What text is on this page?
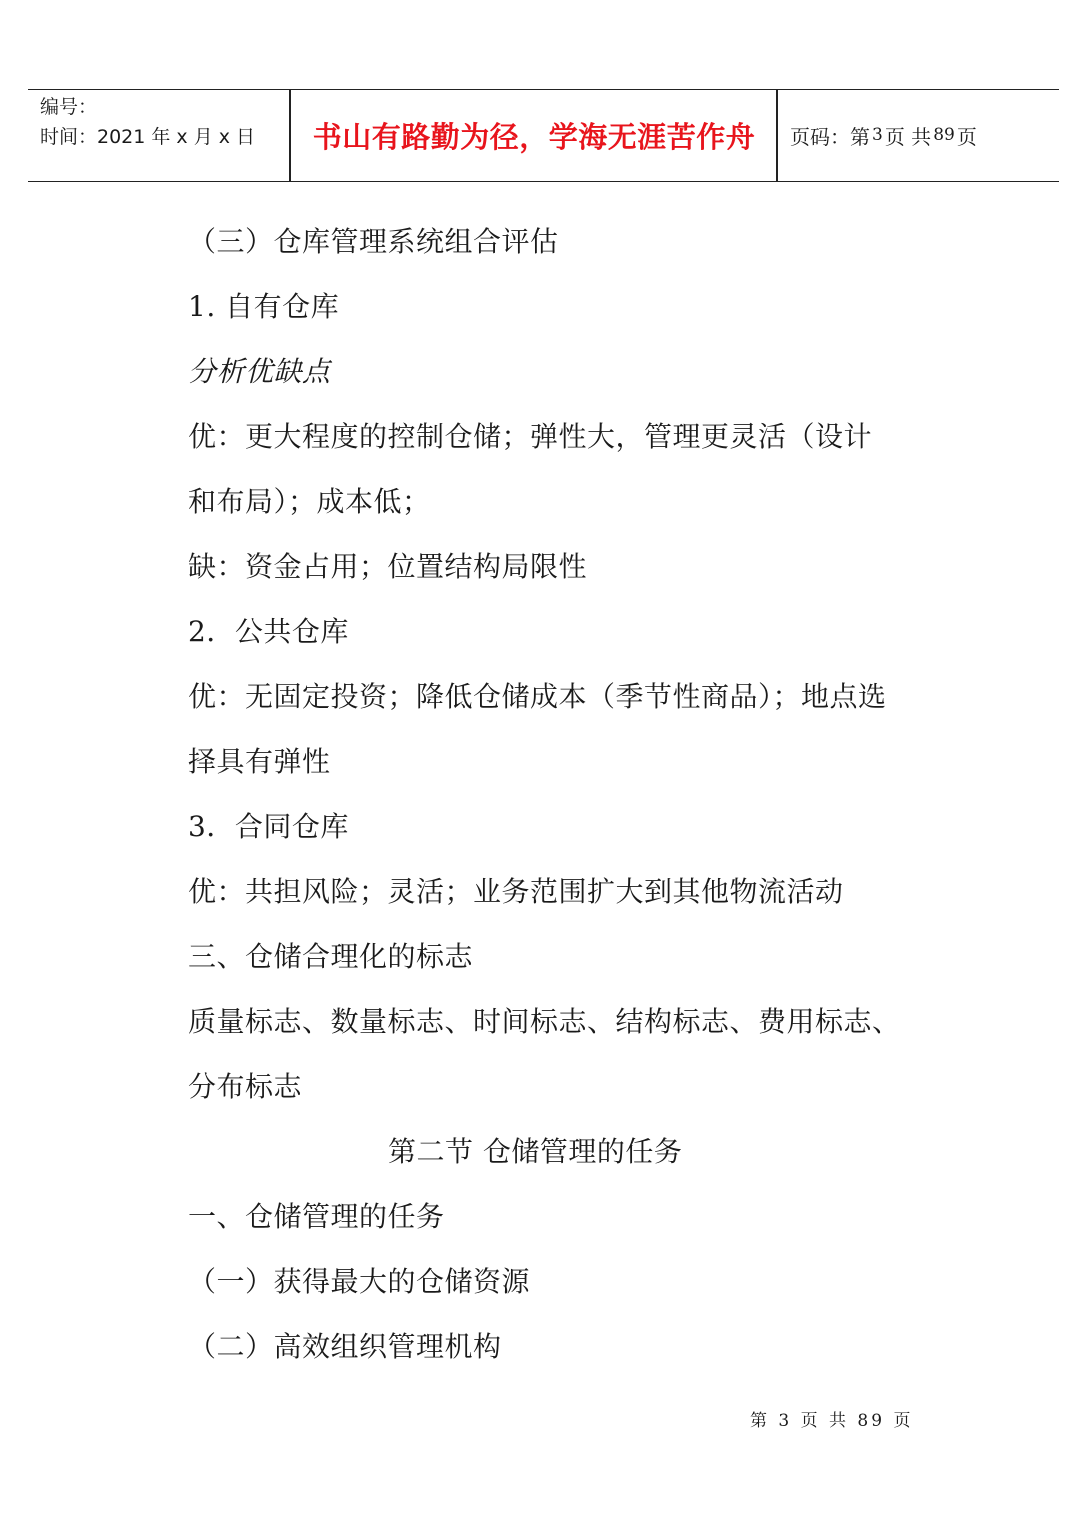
编号：
时间：2021 年 x 月 x 日	书山有路勤为径，学海无涯苦作舟	页码：第 3 页 共 89 页
（三）仓库管理系统组合评估
1. 自有仓库
分析优缺点
优：更大程度的控制仓储；弹性大，管理更灵活（设计
和布局）；成本低；
缺：资金占用；位置结构局限性
2．公共仓库
优：无固定投资；降低仓储成本（季节性商品）；地点选
择具有弹性
3．合同仓库
优：共担风险；灵活；业务范围扩大到其他物流活动
三、仓储合理化的标志
质量标志、数量标志、时间标志、结构标志、费用标志、
分布标志
第二节 仓储管理的任务
一、仓储管理的任务
（一）获得最大的仓储资源
（二）高效组织管理机构
第 3 页 共 89 页
